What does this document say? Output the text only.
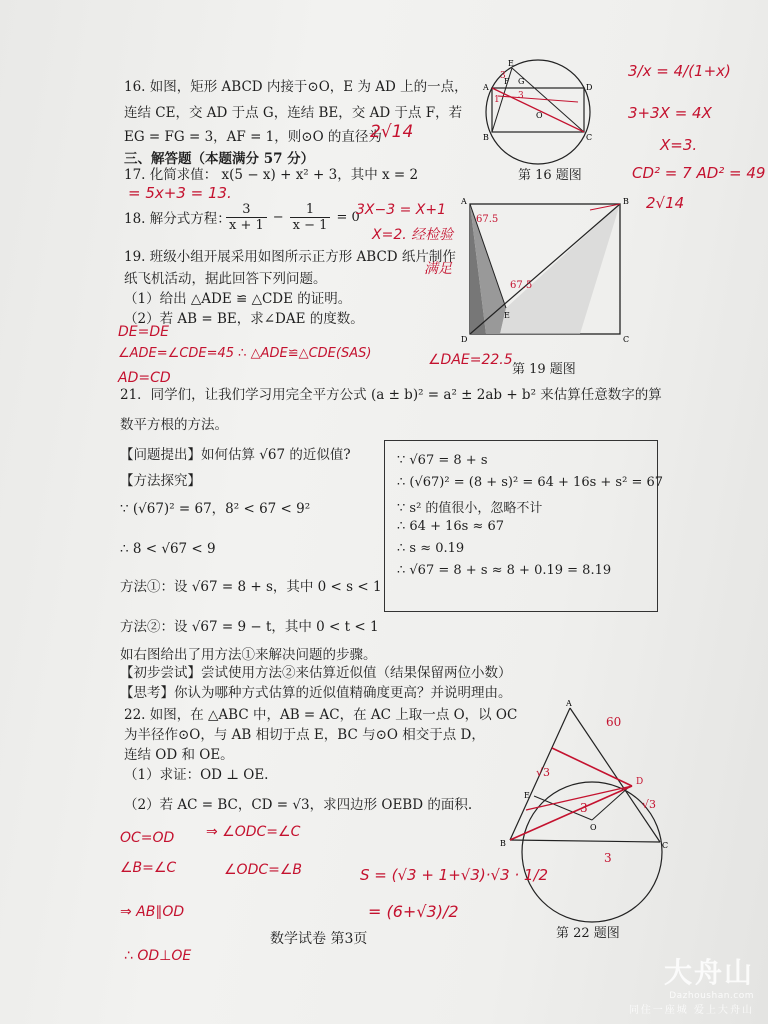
16. 如图，矩形 ABCD 内接于⊙O，E 为 AD 上的一点，
连结 CE，交 AD 于点 G，连结 BE，交 AD 于点 F，若
EG = FG = 3，AF = 1，则⊙O 的直径为
2√14
三、解答题（本题满分 57 分）
E
A
G
F
D
B
O
C
3
3
1
第 16 题图
3/x = 4/(1+x)
3+3X = 4X
X=3.
CD² = 7 AD² = 49
2√14
17. 化简求值： x(5 − x) + x² + 3，其中 x = 2
= 5x+3 = 13.
18. 解分式方程：
$\frac{3}{x + 1} - \frac{1}{x - 1} = 0$
3X−3 = X+1
X=2. 经检验
满足
19. 班级小组开展采用如图所示正方形 ABCD 纸片制作
纸飞机活动，据此回答下列问题。
（1）给出 △ADE ≌ △CDE 的证明。
（2）若 AB = BE，求∠DAE 的度数。
A	B
D	C
E
67.5
67.5
第 19 题图
DE=DE
∠ADE=∠CDE=45 ∴ △ADE≌△CDE(SAS)
AD=CD
∠DAE=22.5
21．同学们，让我们学习用完全平方公式 (a ± b)² = a² ± 2ab + b² 来估算任意数字的算
数平方根的方法。
【问题提出】如何估算 √67 的近似值?
【方法探究】
∵ (√67)² = 67，8² < 67 < 9²
∴ 8 < √67 < 9
方法①：设 √67 = 8 + s，其中 0 < s < 1
方法②：设 √67 = 9 − t，其中 0 < t < 1
如右图给出了用方法①来解决问题的步骤。
【初步尝试】尝试使用方法②来估算近似值（结果保留两位小数）
【思考】你认为哪种方式估算的近似值精确度更高？并说明理由。
∵ √67 = 8 + s
∴ (√67)² = (8 + s)² = 64 + 16s + s² = 67
∵ s² 的值很小，忽略不计
∴ 64 + 16s ≈ 67
∴ s ≈ 0.19
∴ √67 = 8 + s ≈ 8 + 0.19 = 8.19
22. 如图，在 △ABC 中，AB = AC，在 AC 上取一点 O，以 OC
为半径作⊙O，与 AB 相切于点 E，BC 与⊙O 相交于点 D，
连结 OD 和 OE。
（1）求证：OD ⊥ OE.
（2）若 AC = BC，CD = √3，求四边形 OEBD 的面积.
A
E
D
O
B	C
60
√3
√3
3
3
第 22 题图
OC=OD
∠B=∠C
⇒ ∠ODC=∠C
∠ODC=∠B
⇒ AB∥OD
∴ OD⊥OE
S = (√3 + 1+√3)·√3 · 1/2
= (6+√3)/2
数学试卷 第3页
大舟山
Dazhoushan.com
同住一座城 爱上大舟山
